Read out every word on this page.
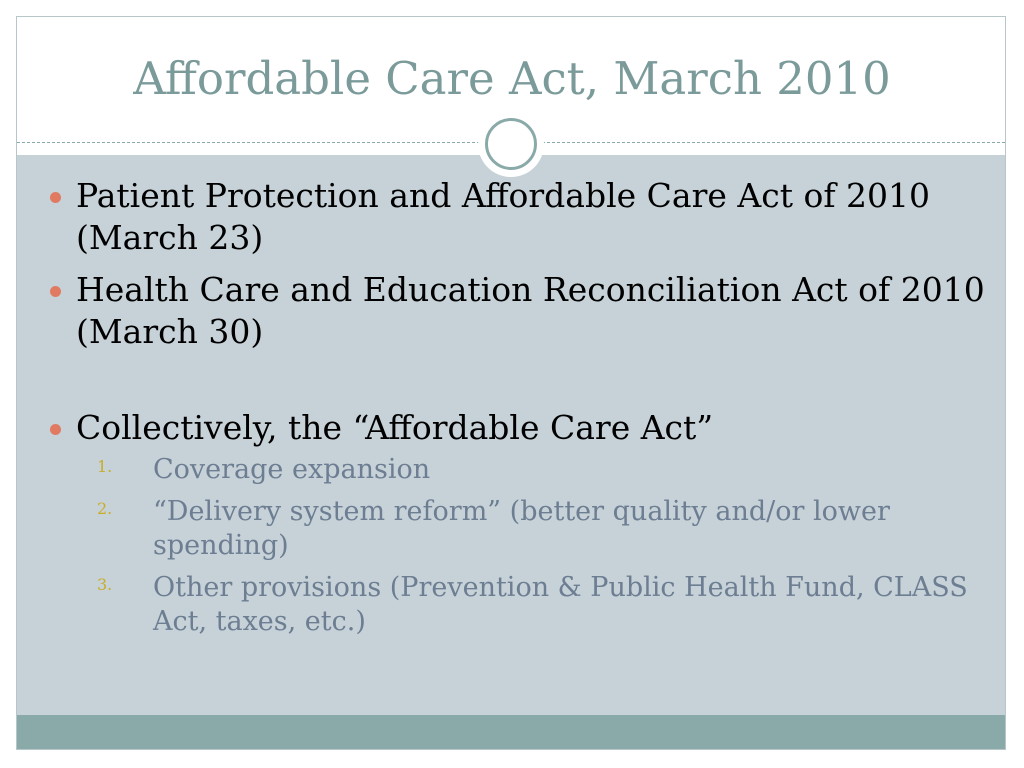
Affordable Care Act, March 2010
Patient Protection and Affordable Care Act of 2010 (March 23)
Health Care and Education Reconciliation Act of 2010 (March 30)
Collectively, the “Affordable Care Act”
1. Coverage expansion
2. “Delivery system reform” (better quality and/or lower spending)
3. Other provisions (Prevention & Public Health Fund, CLASS Act, taxes, etc.)
